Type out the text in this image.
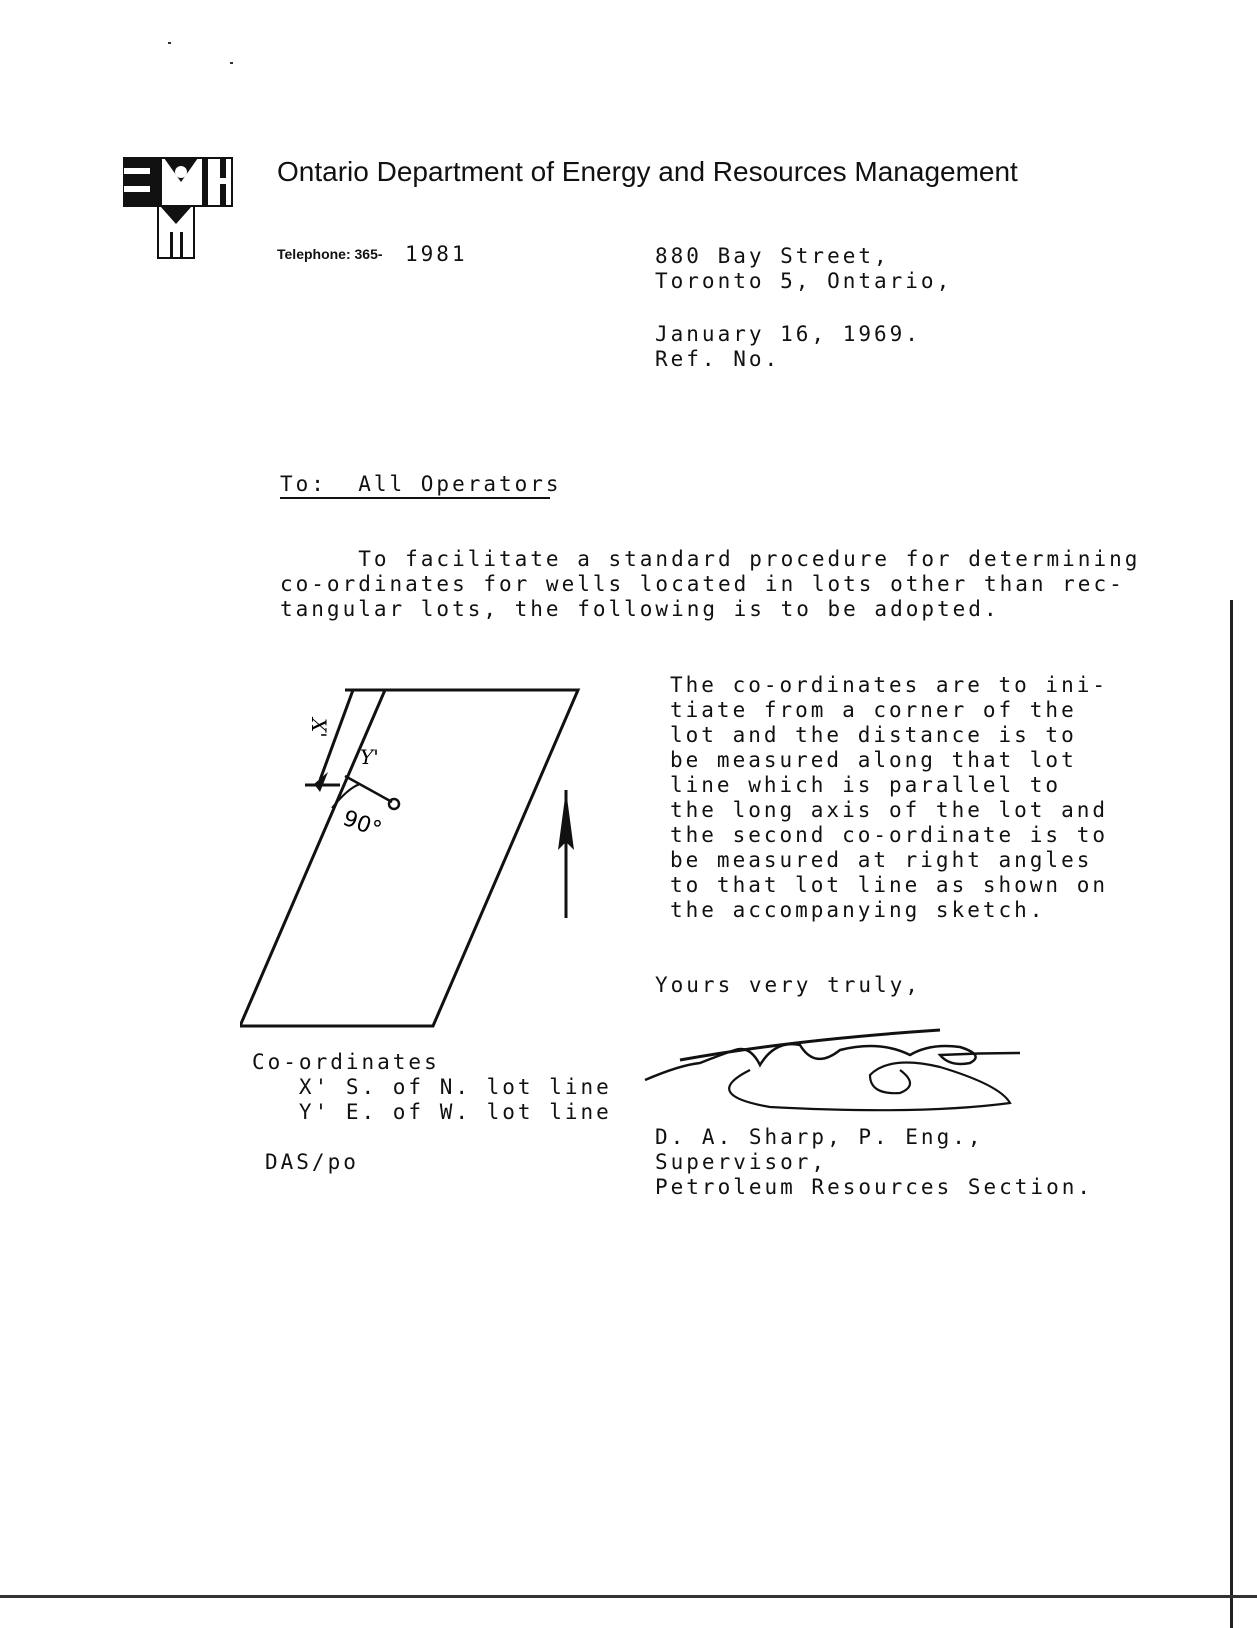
Ontario Department of Energy and Resources Management
Telephone: 365- 1981	880 Bay Street,
Toronto 5, Ontario,
January 16, 1969.
Ref. No.
To:  All Operators
To facilitate a standard procedure for determining
co-ordinates for wells located in lots other than rec-
tangular lots, the following is to be adopted.
X'
Y'
90°
The co-ordinates are to ini-
tiate from a corner of the
lot and the distance is to
be measured along that lot
line which is parallel to
the long axis of the lot and
the second co-ordinate is to
be measured at right angles
to that lot line as shown on
the accompanying sketch.
Yours very truly,
Co-ordinates
X' S. of N. lot line
Y' E. of W. lot line
D. A. Sharp, P. Eng.,
Supervisor,
Petroleum Resources Section.
DAS/po
